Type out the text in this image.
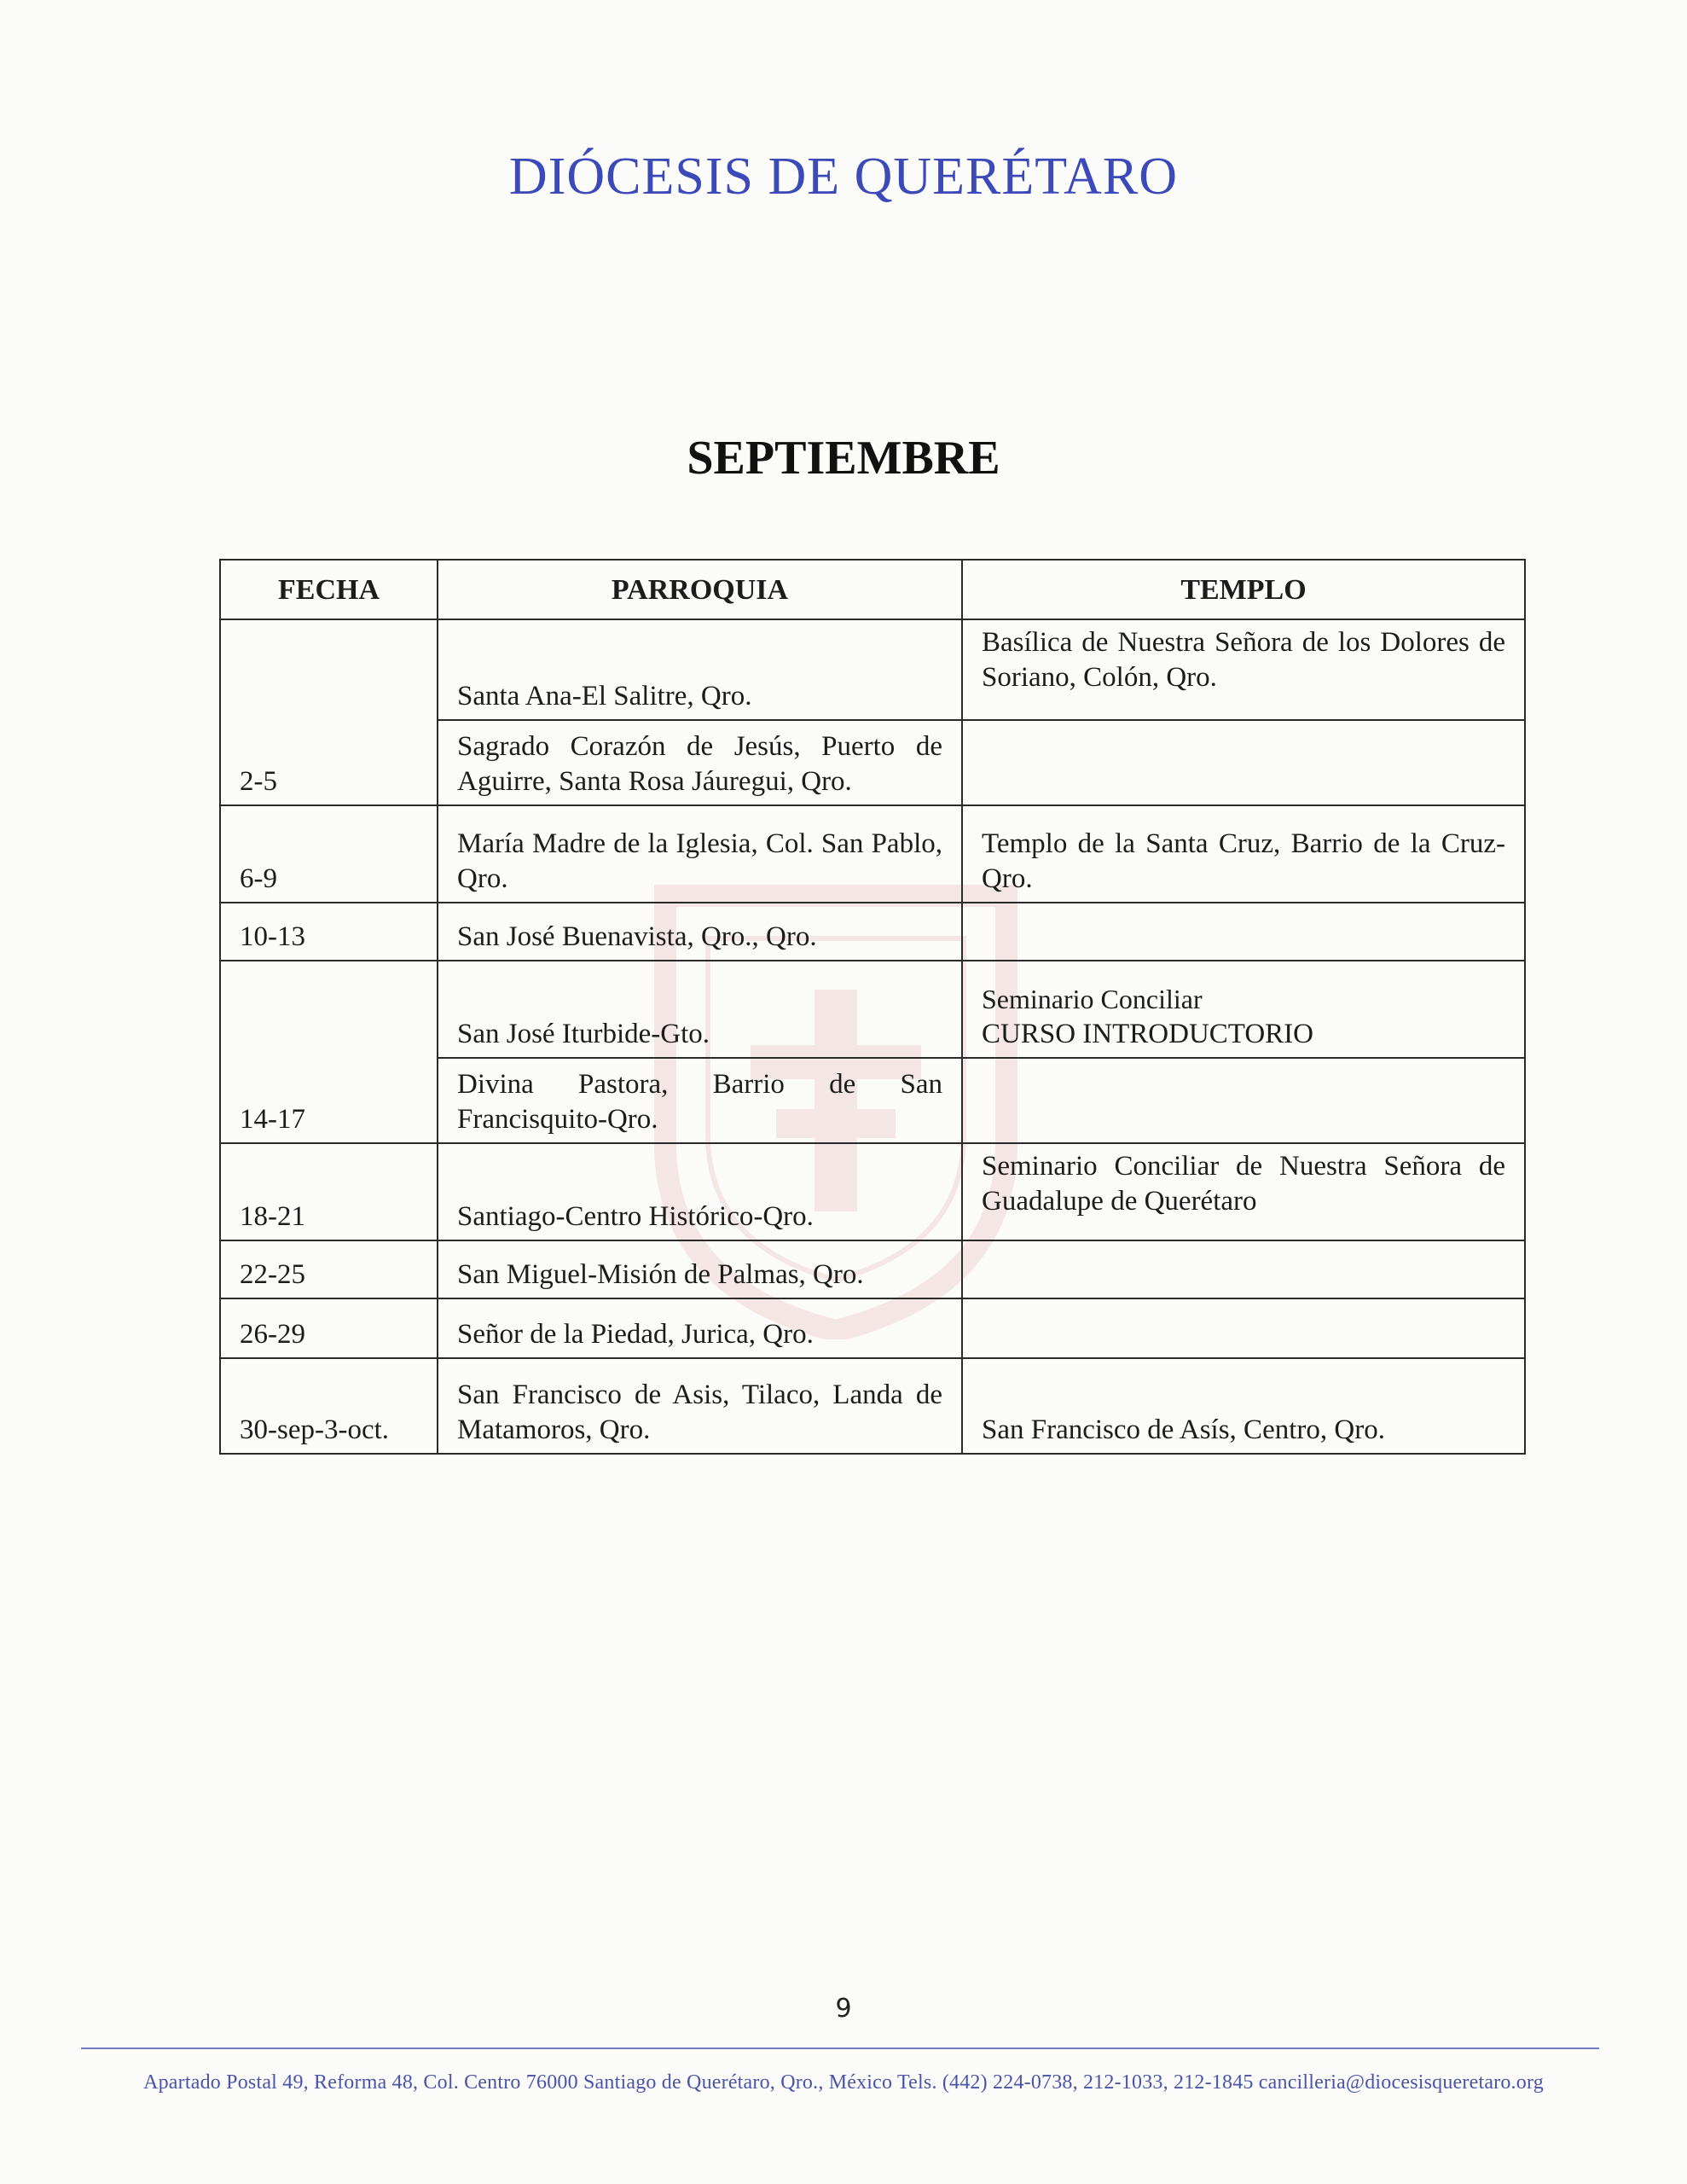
DIÓCESIS DE QUERÉTARO
SEPTIEMBRE
FECHA	PARROQUIA	TEMPLO
2-5	Santa Ana-El Salitre, Qro.	Basílica de Nuestra Señora de los Dolores de Soriano, Colón, Qro.
	Sagrado Corazón de Jesús, Puerto de Aguirre, Santa Rosa Jáuregui, Qro.	
6-9	María Madre de la Iglesia, Col. San Pablo, Qro.	Templo de la Santa Cruz, Barrio de la Cruz-Qro.
10-13	San José Buenavista, Qro., Qro.	
14-17	San José Iturbide-Gto.	Seminario Conciliar
CURSO INTRODUCTORIO

	Divina Pastora, Barrio de San Francisquito-Qro.	
18-21	Santiago-Centro Histórico-Qro.	Seminario Conciliar de Nuestra Señora de Guadalupe de Querétaro
22-25	San Miguel-Misión de Palmas, Qro.	
26-29	Señor de la Piedad, Jurica, Qro.	
30-sep-3-oct.	San Francisco de Asis, Tilaco, Landa de Matamoros, Qro.	San Francisco de Asís, Centro, Qro.
9
Apartado Postal 49, Reforma 48, Col. Centro 76000 Santiago de Querétaro, Qro., México Tels. (442) 224-0738, 212-1033, 212-1845 cancilleria@diocesisqueretaro.org
